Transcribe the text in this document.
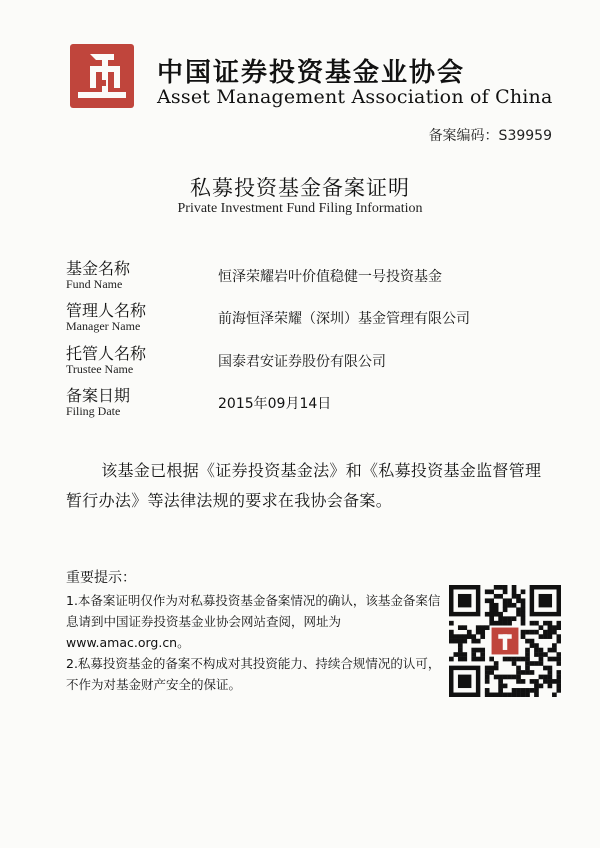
中国证券投资基金业协会
Asset Management Association of China
备案编码：S39959
私募投资基金备案证明
Private Investment Fund Filing Information
基金名称
Fund Name	恒泽荣耀岩叶价值稳健一号投资基金
管理人名称
Manager Name	前海恒泽荣耀（深圳）基金管理有限公司
托管人名称
Trustee Name	国泰君安证券股份有限公司
备案日期
Filing Date	2015年09月14日
该基金已根据《证券投资基金法》和《私募投资基金监督管理暂行办法》等法律法规的要求在我协会备案。
重要提示：

1.本备案证明仅作为对私募投资基金备案情况的确认，该基金备案信息请到中国证券投资基金业协会网站查阅，网址为www.amac.org.cn。

2.私募投资基金的备案不构成对其投资能力、持续合规情况的认可，不作为对基金财产安全的保证。
